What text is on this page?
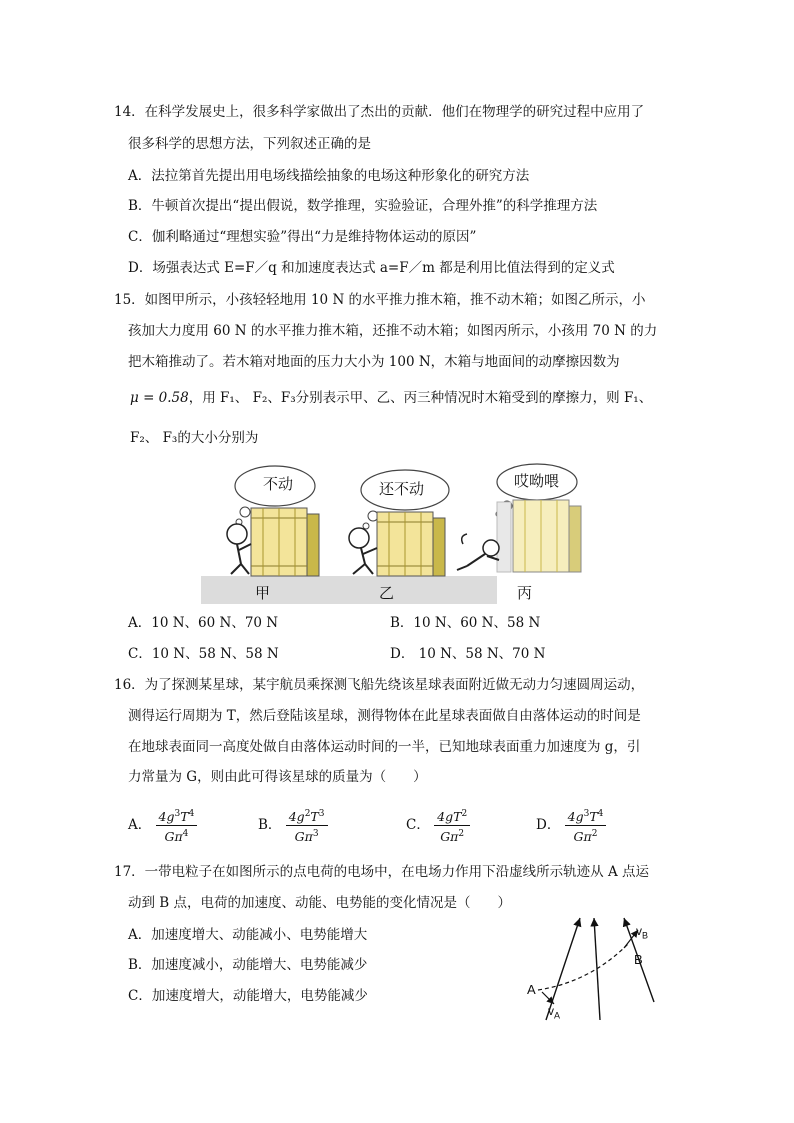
14．在科学发展史上，很多科学家做出了杰出的贡献．他们在物理学的研究过程中应用了
很多科学的思想方法，下列叙述正确的是
A．法拉第首先提出用电场线描绘抽象的电场这种形象化的研究方法
B．牛顿首次提出“提出假说，数学推理，实验验证，合理外推”的科学推理方法
C．伽利略通过“理想实验”得出“力是维持物体运动的原因”
D．场强表达式 E=F／q 和加速度表达式 a=F／m 都是利用比值法得到的定义式
15．如图甲所示，小孩轻轻地用 10 N 的水平推力推木箱，推不动木箱；如图乙所示，小
孩加大力度用 60 N 的水平推力推木箱，还推不动木箱；如图丙所示，小孩用 70 N 的力
把木箱推动了。若木箱对地面的压力大小为 100 N，木箱与地面间的动摩擦因数为
μ = 0.58，用 F₁、 F₂、F₃分别表示甲、乙、丙三种情况时木箱受到的摩擦力，则 F₁、
F₂、 F₃的大小分别为
不动	还不动	哎呦喂
甲	乙	丙
A．10 N、60 N、70 N	B．10 N、60 N、58 N
C．10 N、58 N、58 N	D． 10 N、58 N、70 N
16．为了探测某星球，某宇航员乘探测飞船先绕该星球表面附近做无动力匀速圆周运动，
测得运行周期为 T，然后登陆该星球，测得物体在此星球表面做自由落体运动的时间是
在地球表面同一高度处做自由落体运动时间的一半，已知地球表面重力加速度为 g，引
力常量为 G，则由此可得该星球的质量为（　　）
A． $\frac{4g^3T^4}{G\pi^4}$	B． $\frac{4g^2T^3}{G\pi^3}$	C． $\frac{4gT^2}{G\pi^2}$	D． $\frac{4g^3T^4}{G\pi^2}$
17．一带电粒子在如图所示的点电荷的电场中，在电场力作用下沿虚线所示轨迹从 A 点运
动到 B 点，电荷的加速度、动能、电势能的变化情况是（　　）
A．加速度增大、动能减小、电势能增大
B．加速度减小，动能增大、电势能减少
C．加速度增大，动能增大，电势能减少	A
B
$v_A$
$v_B$
